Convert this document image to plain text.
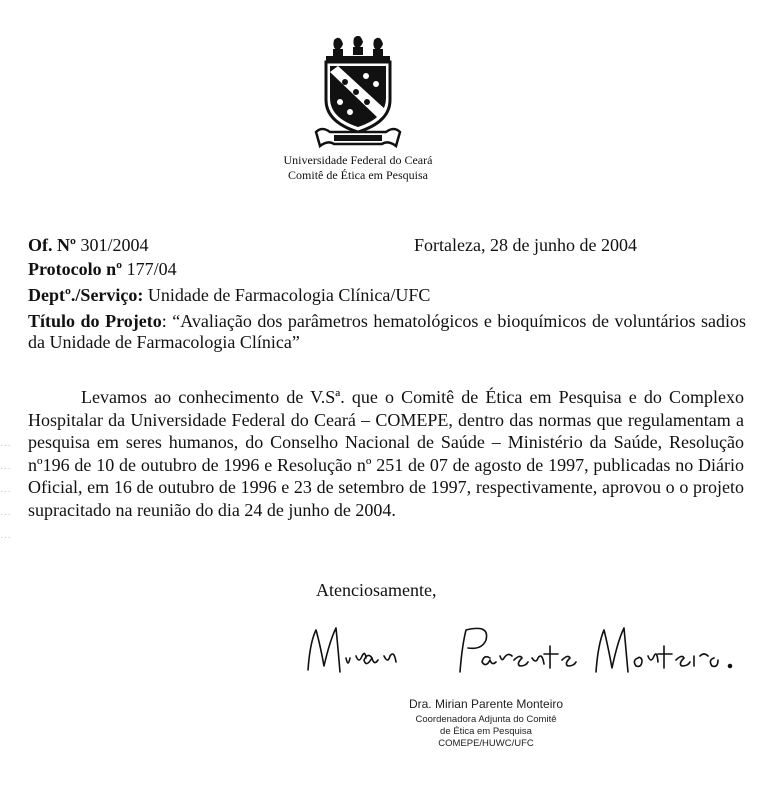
Universidade Federal do Ceará
Comitê de Ética em Pesquisa
Of. Nº 301/2004	Fortaleza, 28 de junho de 2004
Protocolo nº 177/04
Deptº./Serviço: Unidade de Farmacologia Clínica/UFC
Título do Projeto: “Avaliação dos parâmetros hematológicos e bioquímicos de voluntários sadios da Unidade de Farmacologia Clínica”
···
···
···
···
···
Levamos ao conhecimento de V.Sª. que o Comitê de Ética em Pesquisa e do Complexo Hospitalar da Universidade Federal do Ceará – COMEPE, dentro das normas que regulamentam a pesquisa em seres humanos, do Conselho Nacional de Saúde – Ministério da Saúde, Resolução nº196 de 10 de outubro de 1996 e Resolução nº 251 de 07 de agosto de 1997, publicadas no Diário Oficial, em 16 de outubro de 1996 e 23 de setembro de 1997, respectivamente, aprovou o o projeto supracitado na reunião do dia 24 de junho de 2004.
Atenciosamente,
Dra. Mirian Parente Monteiro
Coordenadora Adjunta do Comitê
de Ética em Pesquisa
COMEPE/HUWC/UFC
